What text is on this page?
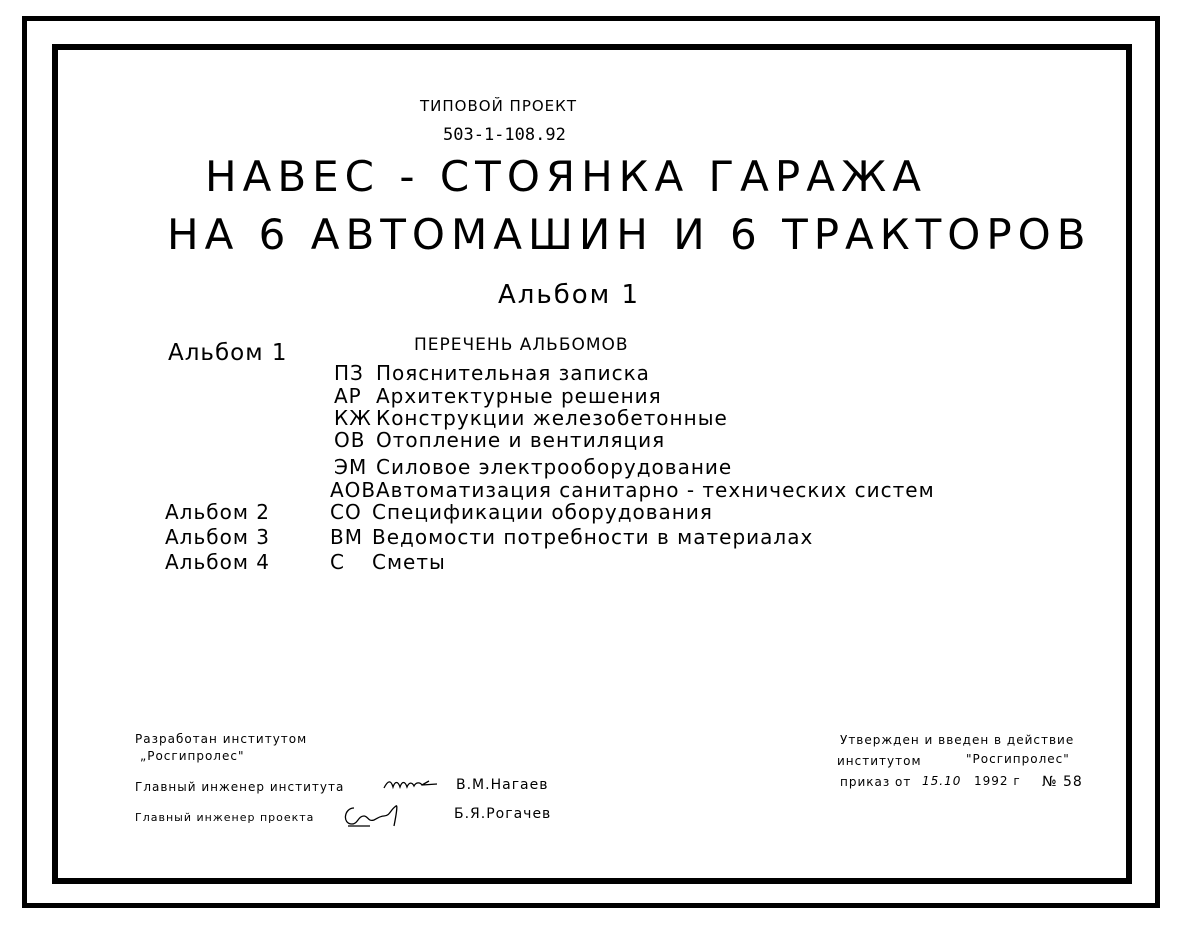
ТИПОВОЙ ПРОЕКТ
503-1-108.92
НАВЕС - СТОЯНКА ГАРАЖА
НА 6 АВТОМАШИН И 6 ТРАКТОРОВ
Альбом 1
ПЕРЕЧЕНЬ АЛЬБОМОВ
Альбом 1
Альбом 2
Альбом 3
Альбом 4
ПЗ Пояснительная записка
АР Архитектурные решения
КЖ Конструкции железобетонные
ОВ Отопление и вентиляция
ЭМ Силовое электрооборудование
АОВ Автоматизация санитарно - технических систем
СО Спецификации оборудования
ВМ Ведомости потребности в материалах
С Сметы
Разработан институтом
„Росгипролес"
Главный инженер института	В.М.Нагаев
Главный инженер проекта	Б.Я.Рогачев
Утвержден и введен в действие
институтом	"Росгипролес"
приказ от 15.10 1992 г № 58
